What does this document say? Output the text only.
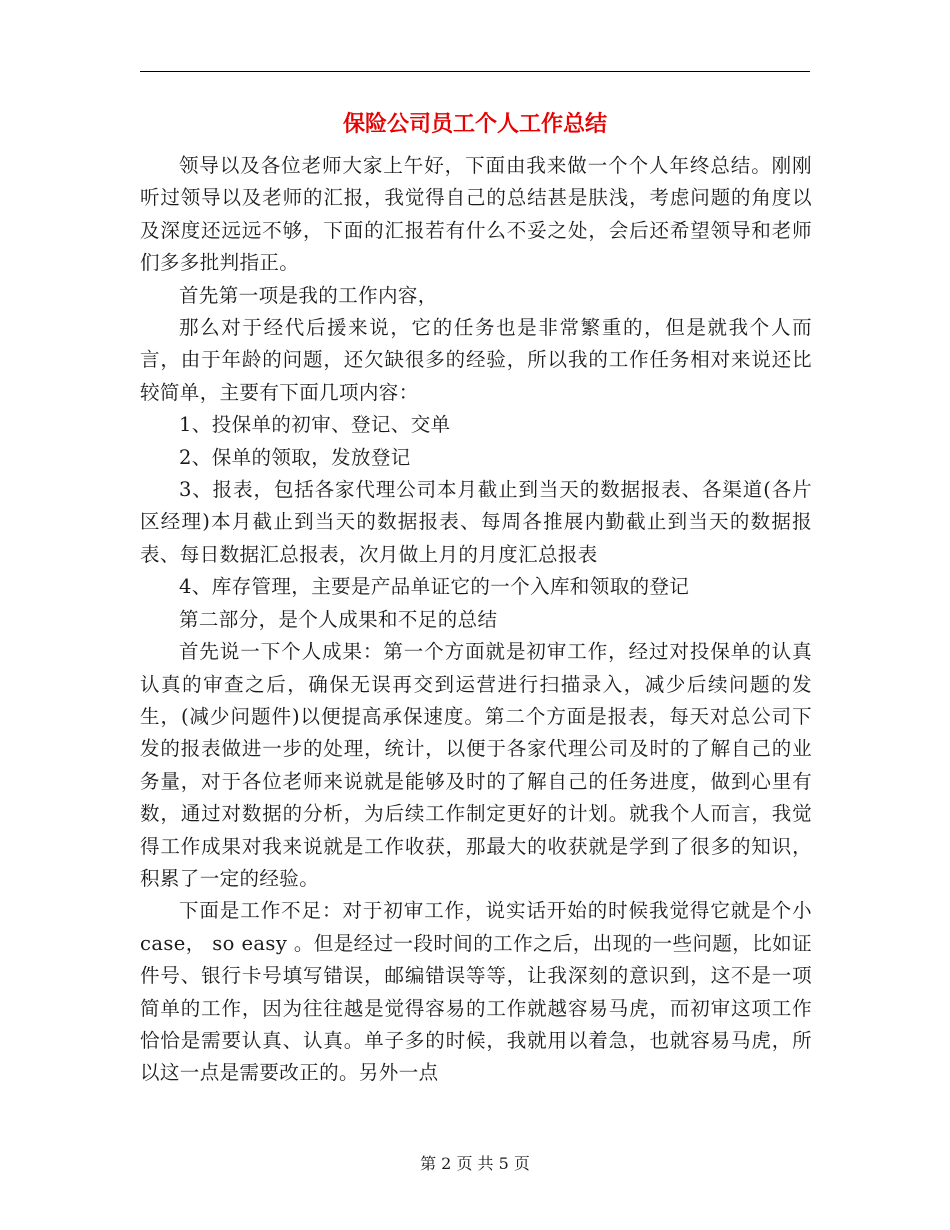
保险公司员工个人工作总结

领导以及各位老师大家上午好，下面由我来做一个个人年终总结。刚刚听过领导以及老师的汇报，我觉得自己的总结甚是肤浅，考虑问题的角度以及深度还远远不够，下面的汇报若有什么不妥之处，会后还希望领导和老师们多多批判指正。

首先第一项是我的工作内容，

那么对于经代后援来说，它的任务也是非常繁重的，但是就我个人而言，由于年龄的问题，还欠缺很多的经验，所以我的工作任务相对来说还比较简单，主要有下面几项内容：

1、投保单的初审、登记、交单

2、保单的领取，发放登记

3、报表，包括各家代理公司本月截止到当天的数据报表、各渠道(各片区经理)本月截止到当天的数据报表、每周各推展内勤截止到当天的数据报表、每日数据汇总报表，次月做上月的月度汇总报表

4、库存管理，主要是产品单证它的一个入库和领取的登记

第二部分，是个人成果和不足的总结

首先说一下个人成果：第一个方面就是初审工作，经过对投保单的认真认真的审查之后，确保无误再交到运营进行扫描录入，减少后续问题的发生，(减少问题件)以便提高承保速度。第二个方面是报表，每天对总公司下发的报表做进一步的处理，统计，以便于各家代理公司及时的了解自己的业务量，对于各位老师来说就是能够及时的了解自己的任务进度，做到心里有数，通过对数据的分析，为后续工作制定更好的计划。就我个人而言，我觉得工作成果对我来说就是工作收获，那最大的收获就是学到了很多的知识，积累了一定的经验。

下面是工作不足：对于初审工作，说实话开始的时候我觉得它就是个小 case， so easy 。但是经过一段时间的工作之后，出现的一些问题，比如证件号、银行卡号填写错误，邮编错误等等，让我深刻的意识到，这不是一项简单的工作，因为往往越是觉得容易的工作就越容易马虎，而初审这项工作恰恰是需要认真、认真。单子多的时候，我就用以着急，也就容易马虎，所以这一点是需要改正的。另外一点

第 2 页 共 5 页
